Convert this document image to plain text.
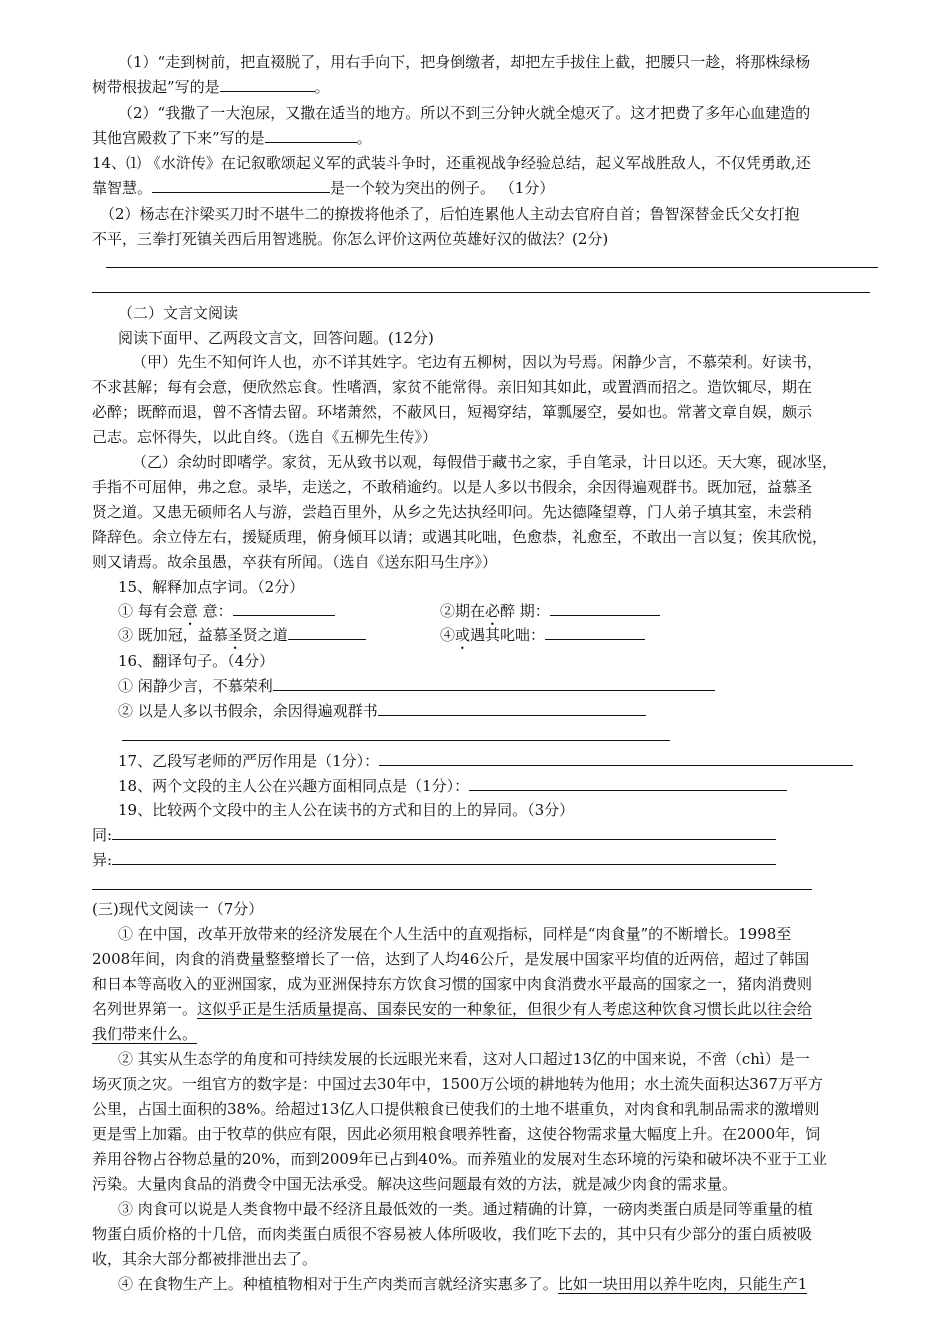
（1）“走到树前，把直裰脱了，用右手向下，把身倒缴者，却把左手拔住上截，把腰只一趁，将那株绿杨
树带根拔起”写的是	。
（2）“我撒了一大泡尿，又撒在适当的地方。所以不到三分钟火就全熄灭了。这才把费了多年心血建造的
其他宫殿救了下来”写的是	。
14、⑴ 《水浒传》在记叙歌颂起义军的武装斗争时，还重视战争经验总结，起义军战胜敌人，不仅凭勇敢,还
靠智慧。	是一个较为突出的例子。 （1分）
（2）杨志在汴梁买刀时不堪牛二的撩拨将他杀了，后怕连累他人主动去官府自首；鲁智深替金氏父女打抱
不平，三拳打死镇关西后用智逃脱。你怎么评价这两位英雄好汉的做法？(2分)
（二）文言文阅读
阅读下面甲、乙两段文言文，回答问题。(12分)
（甲）先生不知何许人也，亦不详其姓字。宅边有五柳树，因以为号焉。闲静少言，不慕荣利。好读书，
不求甚解；每有会意，便欣然忘食。性嗜酒，家贫不能常得。亲旧知其如此，或置酒而招之。造饮辄尽，期在
必醉；既醉而退，曾不吝情去留。环堵萧然，不蔽风日，短褐穿结，箪瓢屡空，晏如也。常著文章自娱，颇示
己志。忘怀得失，以此自终。（选自《五柳先生传》）
（乙）余幼时即嗜学。家贫，无从致书以观，每假借于藏书之家，手自笔录，计日以还。天大寒，砚冰坚，
手指不可屈伸，弗之怠。录毕，走送之，不敢稍逾约。以是人多以书假余，余因得遍观群书。既加冠，益慕圣
贤之道。又患无硕师名人与游，尝趋百里外，从乡之先达执经叩问。先达德隆望尊，门人弟子填其室，未尝稍
降辞色。余立侍左右，援疑质理，俯身倾耳以请；或遇其叱咄，色愈恭，礼愈至，不敢出一言以复；俟其欣悦，
则又请焉。故余虽愚，卒获有所闻。（选自《送东阳马生序》）
15、解释加点字词。（2分）
① 每有会意 意：	②期在必醉 期：
③ 既加冠，益慕圣贤之道	④或遇其叱咄：
16、翻译句子。（4分）
① 闲静少言，不慕荣利
② 以是人多以书假余，余因得遍观群书
17、乙段写老师的严厉作用是（1分）：
18、两个文段的主人公在兴趣方面相同点是（1分）：
19、比较两个文段中的主人公在读书的方式和目的上的异同。（3分）
同:
异:
(三)现代文阅读一（7分）
① 在中国，改革开放带来的经济发展在个人生活中的直观指标，同样是“肉食量”的不断增长。1998至
2008年间，肉食的消费量整整增长了一倍，达到了人均46公斤，是发展中国家平均值的近两倍，超过了韩国
和日本等高收入的亚洲国家，成为亚洲保持东方饮食习惯的国家中肉食消费水平最高的国家之一，猪肉消费则
名列世界第一。这似乎正是生活质量提高、国泰民安的一种象征，但很少有人考虑这种饮食习惯长此以往会给
我们带来什么。
② 其实从生态学的角度和可持续发展的长远眼光来看，这对人口超过13亿的中国来说，不啻（chì）是一
场灭顶之灾。一组官方的数字是：中国过去30年中，1500万公顷的耕地转为他用；水土流失面积达367万平方
公里，占国土面积的38%。给超过13亿人口提供粮食已使我们的土地不堪重负，对肉食和乳制品需求的激增则
更是雪上加霜。由于牧草的供应有限，因此必须用粮食喂养牲畜，这使谷物需求量大幅度上升。在2000年，饲
养用谷物占谷物总量的20%，而到2009年已占到40%。而养殖业的发展对生态环境的污染和破坏决不亚于工业
污染。大量肉食品的消费令中国无法承受。解决这些问题最有效的方法，就是减少肉食的需求量。
③ 肉食可以说是人类食物中最不经济且最低效的一类。通过精确的计算，一磅肉类蛋白质是同等重量的植
物蛋白质价格的十几倍，而肉类蛋白质很不容易被人体所吸收，我们吃下去的，其中只有少部分的蛋白质被吸
收，其余大部分都被排泄出去了。
④ 在食物生产上。种植植物相对于生产肉类而言就经济实惠多了。比如一块田用以养牛吃肉，只能生产1
